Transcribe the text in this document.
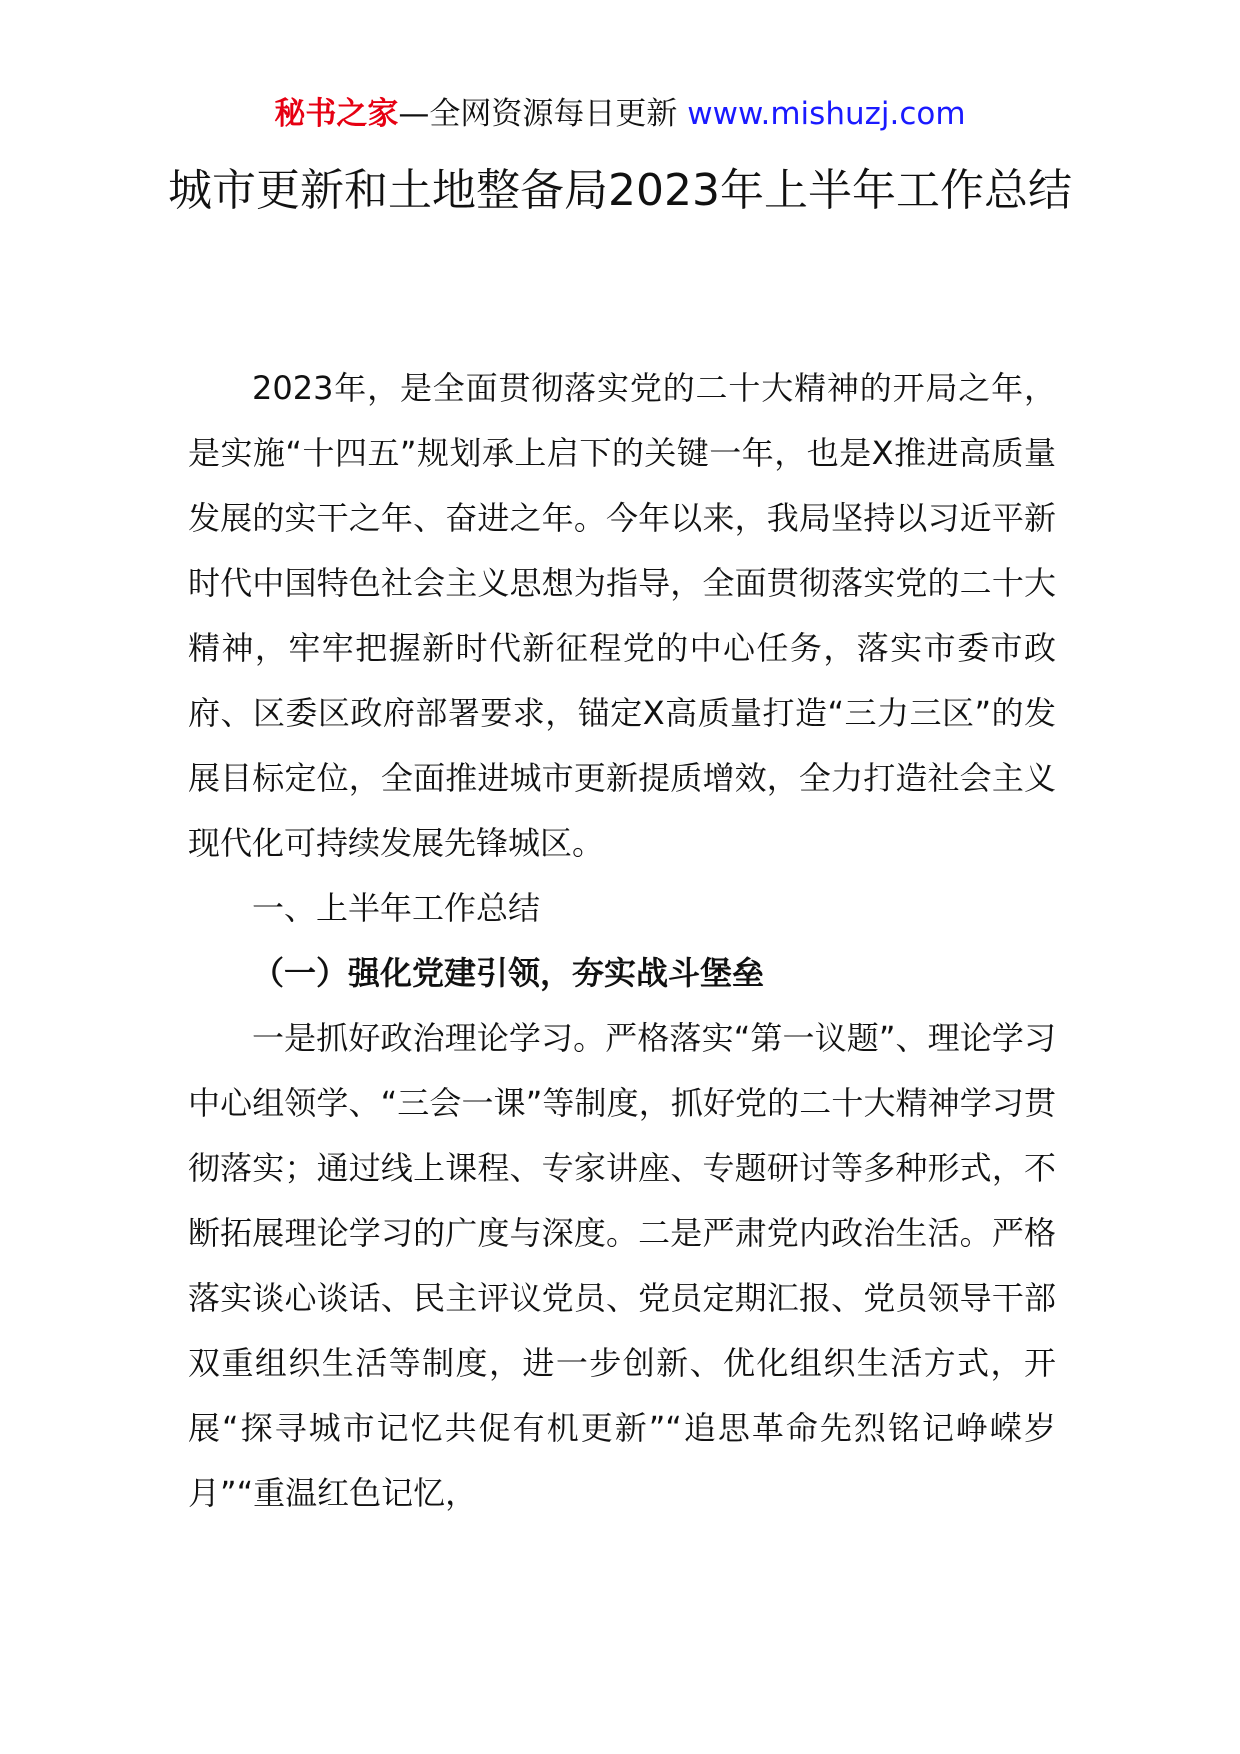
秘书之家—全网资源每日更新 www.mishuzj.com
城市更新和土地整备局2023年上半年工作总结

2023年，是全面贯彻落实党的二十大精神的开局之年，是实施“十四五”规划承上启下的关键一年，也是X推进高质量发展的实干之年、奋进之年。今年以来，我局坚持以习近平新时代中国特色社会主义思想为指导，全面贯彻落实党的二十大精神，牢牢把握新时代新征程党的中心任务，落实市委市政府、区委区政府部署要求，锚定X高质量打造“三力三区”的发展目标定位，全面推进城市更新提质增效，全力打造社会主义现代化可持续发展先锋城区。

一、上半年工作总结

（一）强化党建引领，夯实战斗堡垒

一是抓好政治理论学习。严格落实“第一议题”、理论学习中心组领学、“三会一课”等制度，抓好党的二十大精神学习贯彻落实；通过线上课程、专家讲座、专题研讨等多种形式，不断拓展理论学习的广度与深度。二是严肃党内政治生活。严格落实谈心谈话、民主评议党员、党员定期汇报、党员领导干部双重组织生活等制度，进一步创新、优化组织生活方式，开展“探寻城市记忆共促有机更新”“追思革命先烈铭记峥嵘岁月”“重温红色记忆，
